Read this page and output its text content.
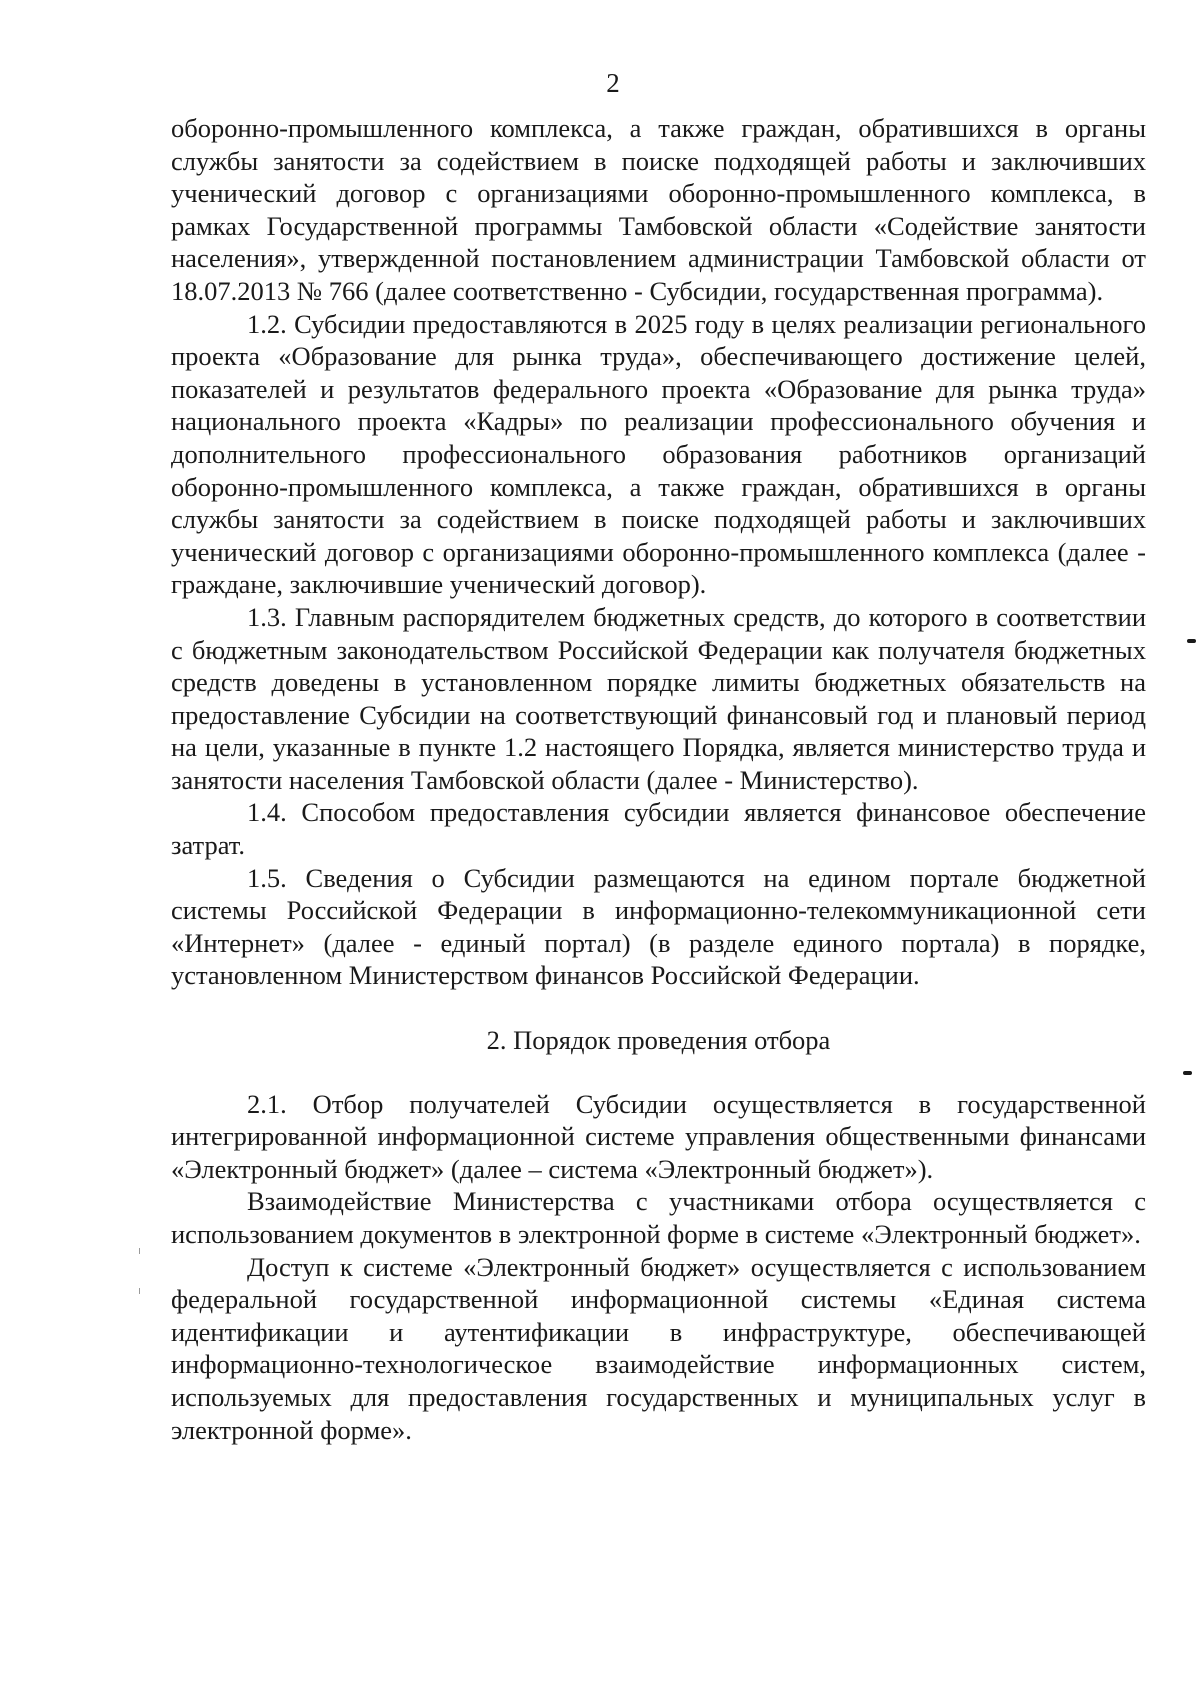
2

оборонно-промышленного комплекса, а также граждан, обратившихся в органы службы занятости за содействием в поиске подходящей работы и заключивших ученический договор с организациями оборонно-промышленного комплекса, в рамках Государственной программы Тамбовской области «Содействие занятости населения», утвержденной постановлением администрации Тамбовской области от 18.07.2013 № 766 (далее соответственно - Субсидии, государственная программа).

1.2. Субсидии предоставляются в 2025 году в целях реализации регионального проекта «Образование для рынка труда», обеспечивающего достижение целей, показателей и результатов федерального проекта «Образование для рынка труда» национального проекта «Кадры» по реализации профессионального обучения и дополнительного профессионального образования работников организаций оборонно-промышленного комплекса, а также граждан, обратившихся в органы службы занятости за содействием в поиске подходящей работы и заключивших ученический договор с организациями оборонно-промышленного комплекса (далее - граждане, заключившие ученический договор).

1.3. Главным распорядителем бюджетных средств, до которого в соответствии с бюджетным законодательством Российской Федерации как получателя бюджетных средств доведены в установленном порядке лимиты бюджетных обязательств на предоставление Субсидии на соответствующий финансовый год и плановый период на цели, указанные в пункте 1.2 настоящего Порядка, является министерство труда и занятости населения Тамбовской области (далее - Министерство).

1.4. Способом предоставления субсидии является финансовое обеспечение затрат.

1.5. Сведения о Субсидии размещаются на едином портале бюджетной системы Российской Федерации в информационно-телекоммуникационной сети «Интернет» (далее - единый портал) (в разделе единого портала) в порядке, установленном Министерством финансов Российской Федерации.

2. Порядок проведения отбора

2.1. Отбор получателей Субсидии осуществляется в государственной интегрированной информационной системе управления общественными финансами «Электронный бюджет» (далее – система «Электронный бюджет»).

Взаимодействие Министерства с участниками отбора осуществляется с использованием документов в электронной форме в системе «Электронный бюджет».

Доступ к системе «Электронный бюджет» осуществляется с использованием федеральной государственной информационной системы «Единая система идентификации и аутентификации в инфраструктуре, обеспечивающей информационно-технологическое взаимодействие информационных систем, используемых для предоставления государственных и муниципальных услуг в электронной форме».
